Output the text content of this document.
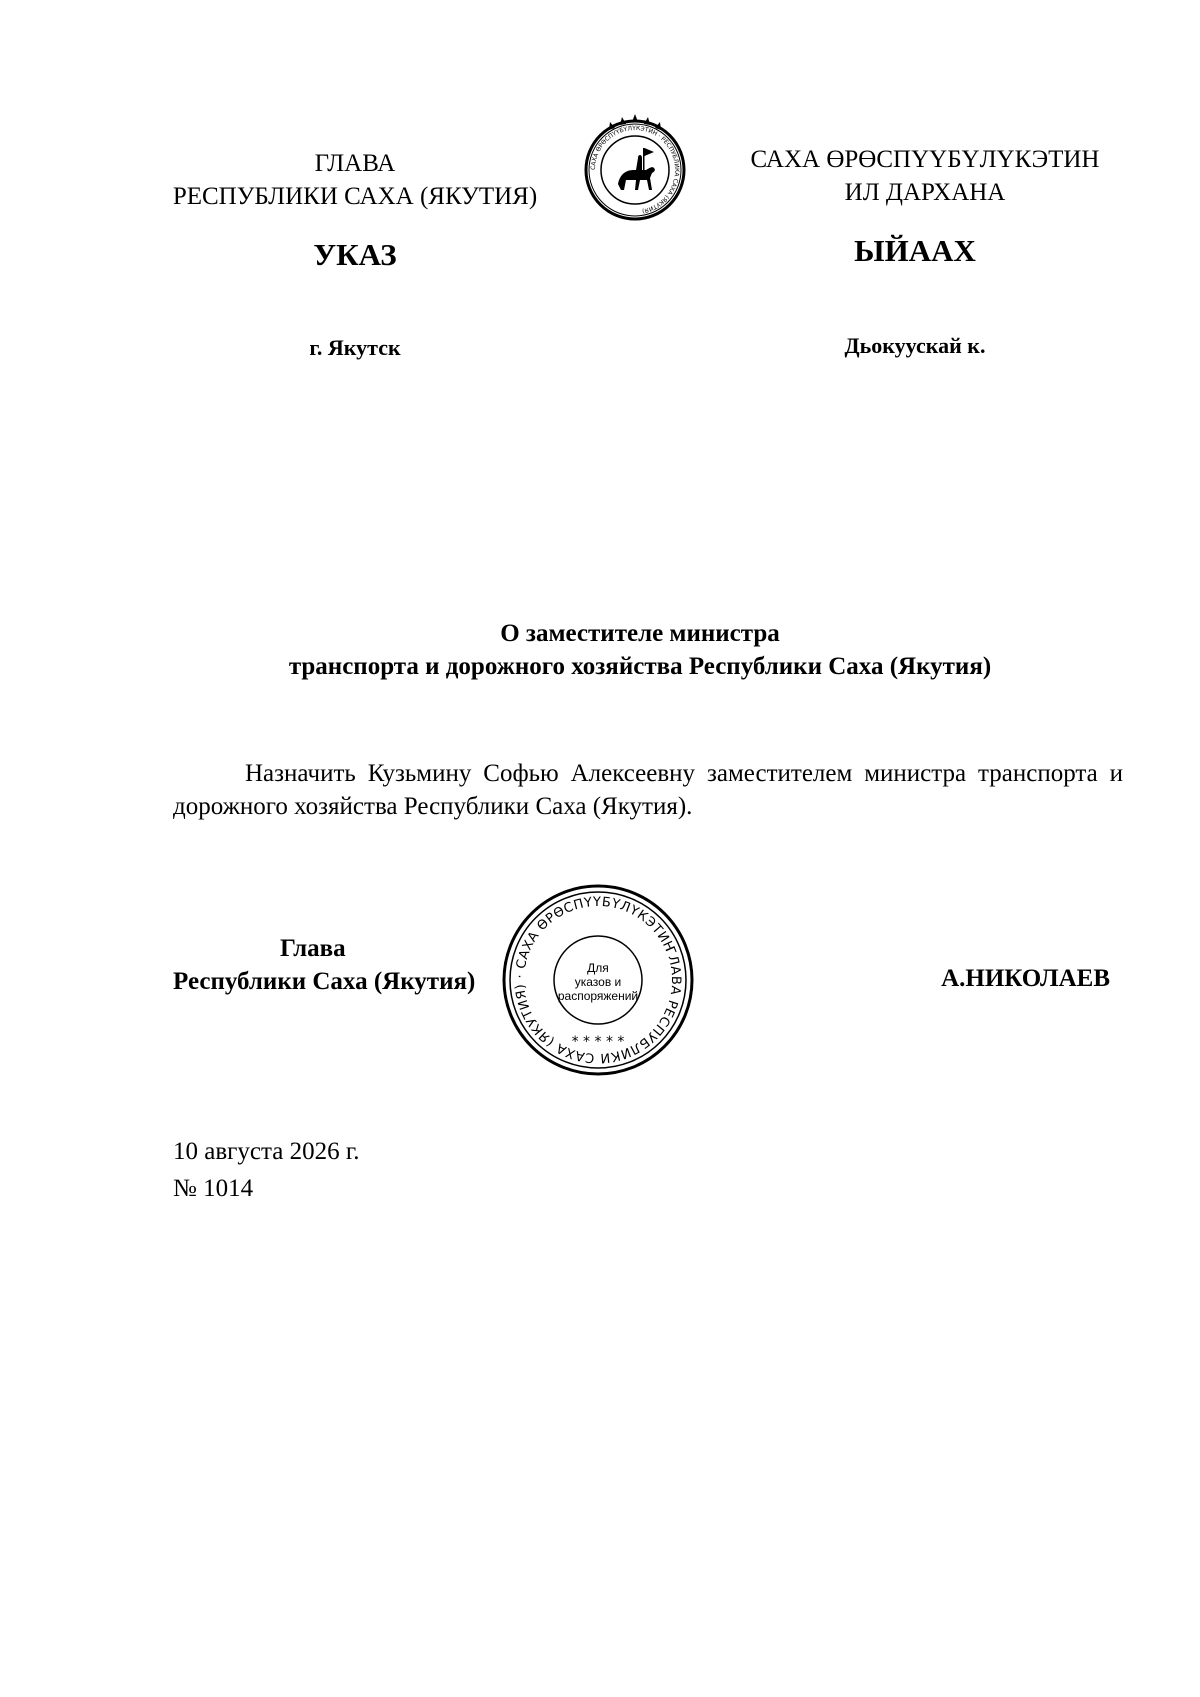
ГЛАВА
РЕСПУБЛИКИ САХА (ЯКУТИЯ)
САХА ӨРӨСПҮҮБҮЛҮКЭТИН · РЕСПУБЛИКА САХА (ЯКУТИЯ)
САХА ӨРӨСПҮҮБҮЛҮКЭТИН
ИЛ ДАРХАНА
УКАЗ	ЫЙААХ
г. Якутск	Дьокуускай к.
О заместителе министра
транспорта и дорожного хозяйства Республики Саха (Якутия)
Назначить Кузьмину Софью Алексеевну заместителем министра транспорта и дорожного хозяйства Республики Саха (Якутия).
Глава
Республики Саха (Якутия)
ГЛАВА РЕСПУБЛИКИ САХА (ЯКУТИЯ) · САХА ӨРӨСПҮҮБҮЛҮКЭТИН
Для
указов и
распоряжений
* * * * *
А.НИКОЛАЕВ
10 августа 2026 г.
№ 1014
